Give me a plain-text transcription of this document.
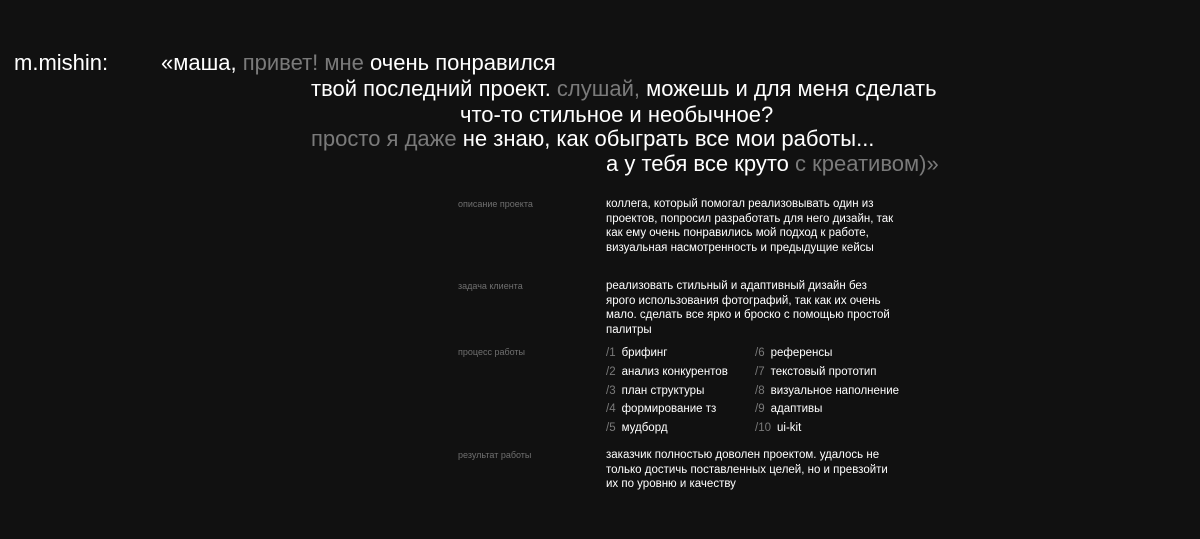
m.mishin: «маша, привет! мне очень понравился
твой последний проект. слушай, можешь и для меня сделать
что-то стильное и необычное?
просто я даже не знаю, как обыграть все мои работы...
а у тебя все круто с креативом)»
описание проекта	коллега, который помогал реализовывать один из проектов, попросил разработать для него дизайн, так как ему очень понравились мой подход к работе, визуальная насмотренность и предыдущие кейсы
задача клиента	реализовать стильный и адаптивный дизайн без ярого использования фотографий, так как их очень мало. сделать все ярко и броско с помощью простой палитры
процесс работы	/1 брифинг
/2 анализ конкурентов
/3 план структуры
/4 формирование тз
/5 мудборд
/6 референсы
/7 текстовый прототип
/8 визуальное наполнение
/9 адаптивы
/10 ui-kit
результат работы	заказчик полностью доволен проектом. удалось не только достичь поставленных целей, но и превзойти их по уровню и качеству
